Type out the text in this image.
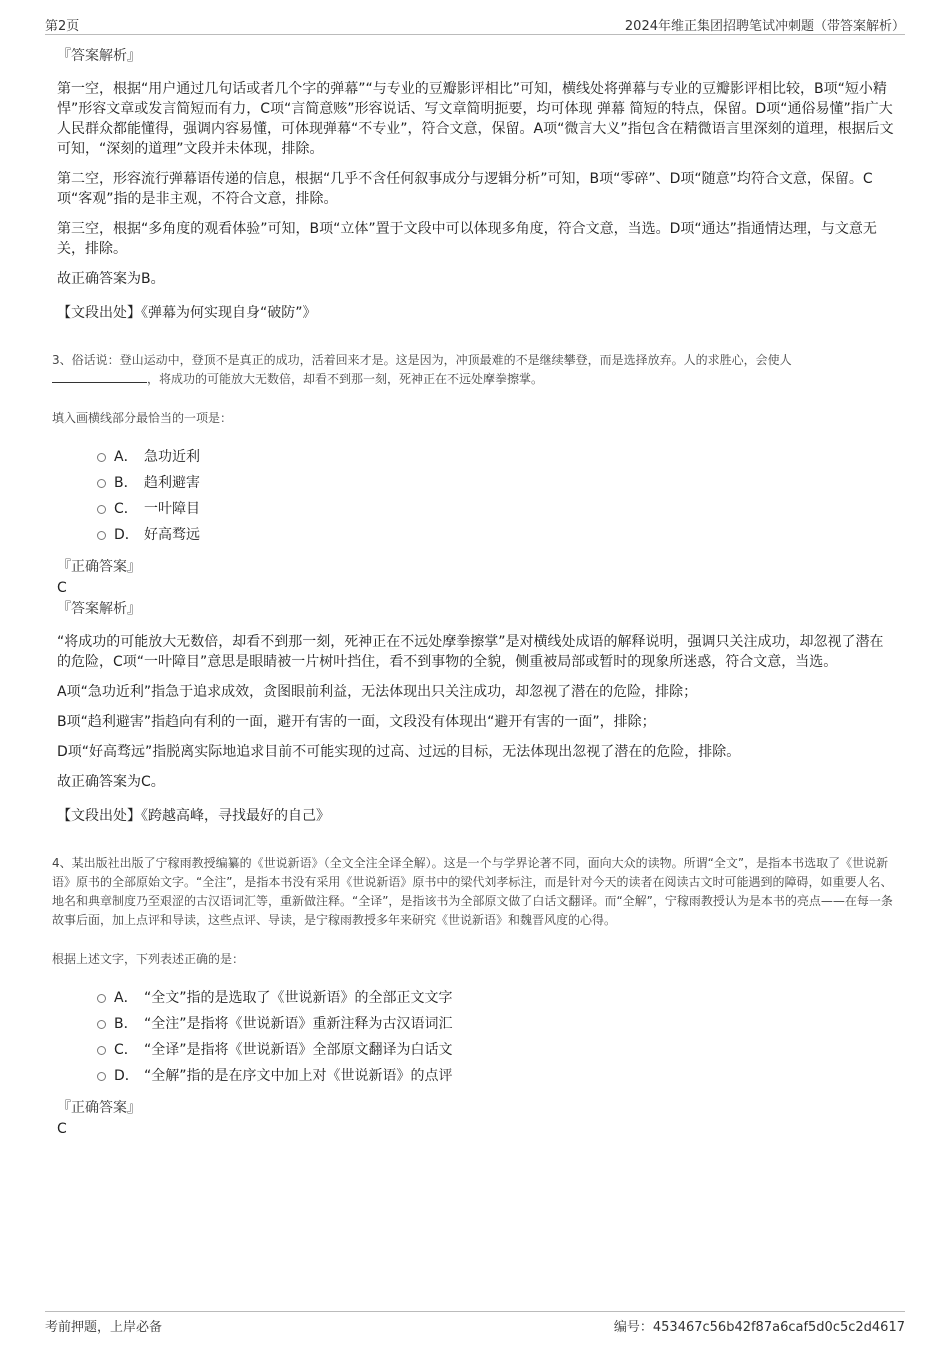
第2页	2024年维正集团招聘笔试冲刺题（带答案解析）

『答案解析』

第一空，根据“用户通过几句话或者几个字的弹幕”“与专业的豆瓣影评相比”可知，横线处将弹幕与专业的豆瓣影评相比较，B项“短小精悍”形容文章或发言简短而有力，C项“言简意赅”形容说话、写文章简明扼要，均可体现 弹幕 简短的特点，保留。D项“通俗易懂”指广大人民群众都能懂得，强调内容易懂，可体现弹幕“不专业”，符合文意，保留。A项“微言大义”指包含在精微语言里深刻的道理，根据后文可知，“深刻的道理”文段并未体现，排除。

第二空，形容流行弹幕语传递的信息，根据“几乎不含任何叙事成分与逻辑分析”可知，B项“零碎”、D项“随意”均符合文意，保留。C项“客观”指的是非主观，不符合文意，排除。

第三空，根据“多角度的观看体验”可知，B项“立体”置于文段中可以体现多角度，符合文意，当选。D项“通达”指通情达理，与文意无关，排除。

故正确答案为B。

【文段出处】《弹幕为何实现自身“破防”》

3、俗话说：登山运动中，登顶不是真正的成功，活着回来才是。这是因为，冲顶最难的不是继续攀登，而是选择放弃。人的求胜心，会使人
，将成功的可能放大无数倍，却看不到那一刻，死神正在不远处摩拳擦掌。

填入画横线部分最恰当的一项是：

A． 急功近利
B． 趋利避害
C． 一叶障目
D． 好高骛远

『正确答案』

C

『答案解析』

“将成功的可能放大无数倍，却看不到那一刻，死神正在不远处摩拳擦掌”是对横线处成语的解释说明，强调只关注成功，却忽视了潜在的危险，C项“一叶障目”意思是眼睛被一片树叶挡住，看不到事物的全貌，侧重被局部或暂时的现象所迷惑，符合文意，当选。

A项“急功近利”指急于追求成效，贪图眼前利益，无法体现出只关注成功，却忽视了潜在的危险，排除；

B项“趋利避害”指趋向有利的一面，避开有害的一面，文段没有体现出“避开有害的一面”，排除；

D项“好高骛远”指脱离实际地追求目前不可能实现的过高、过远的目标，无法体现出忽视了潜在的危险，排除。

故正确答案为C。

【文段出处】《跨越高峰，寻找最好的自己》

4、某出版社出版了宁稼雨教授编纂的《世说新语》（全文全注全译全解）。这是一个与学界论著不同，面向大众的读物。所谓“全文”，是指本书选取了《世说新语》原书的全部原始文字。“全注”，是指本书没有采用《世说新语》原书中的梁代刘孝标注，而是针对今天的读者在阅读古文时可能遇到的障碍，如重要人名、地名和典章制度乃至艰涩的古汉语词汇等，重新做注释。“全译”，是指该书为全部原文做了白话文翻译。而“全解”，宁稼雨教授认为是本书的亮点——在每一条故事后面，加上点评和导读，这些点评、导读，是宁稼雨教授多年来研究《世说新语》和魏晋风度的心得。

根据上述文字，下列表述正确的是：

A． “全文”指的是选取了《世说新语》的全部正文文字
B． “全注”是指将《世说新语》重新注释为古汉语词汇
C． “全译”是指将《世说新语》全部原文翻译为白话文
D． “全解”指的是在序文中加上对《世说新语》的点评

『正确答案』

C

考前押题，上岸必备	编号：453467c56b42f87a6caf5d0c5c2d4617
